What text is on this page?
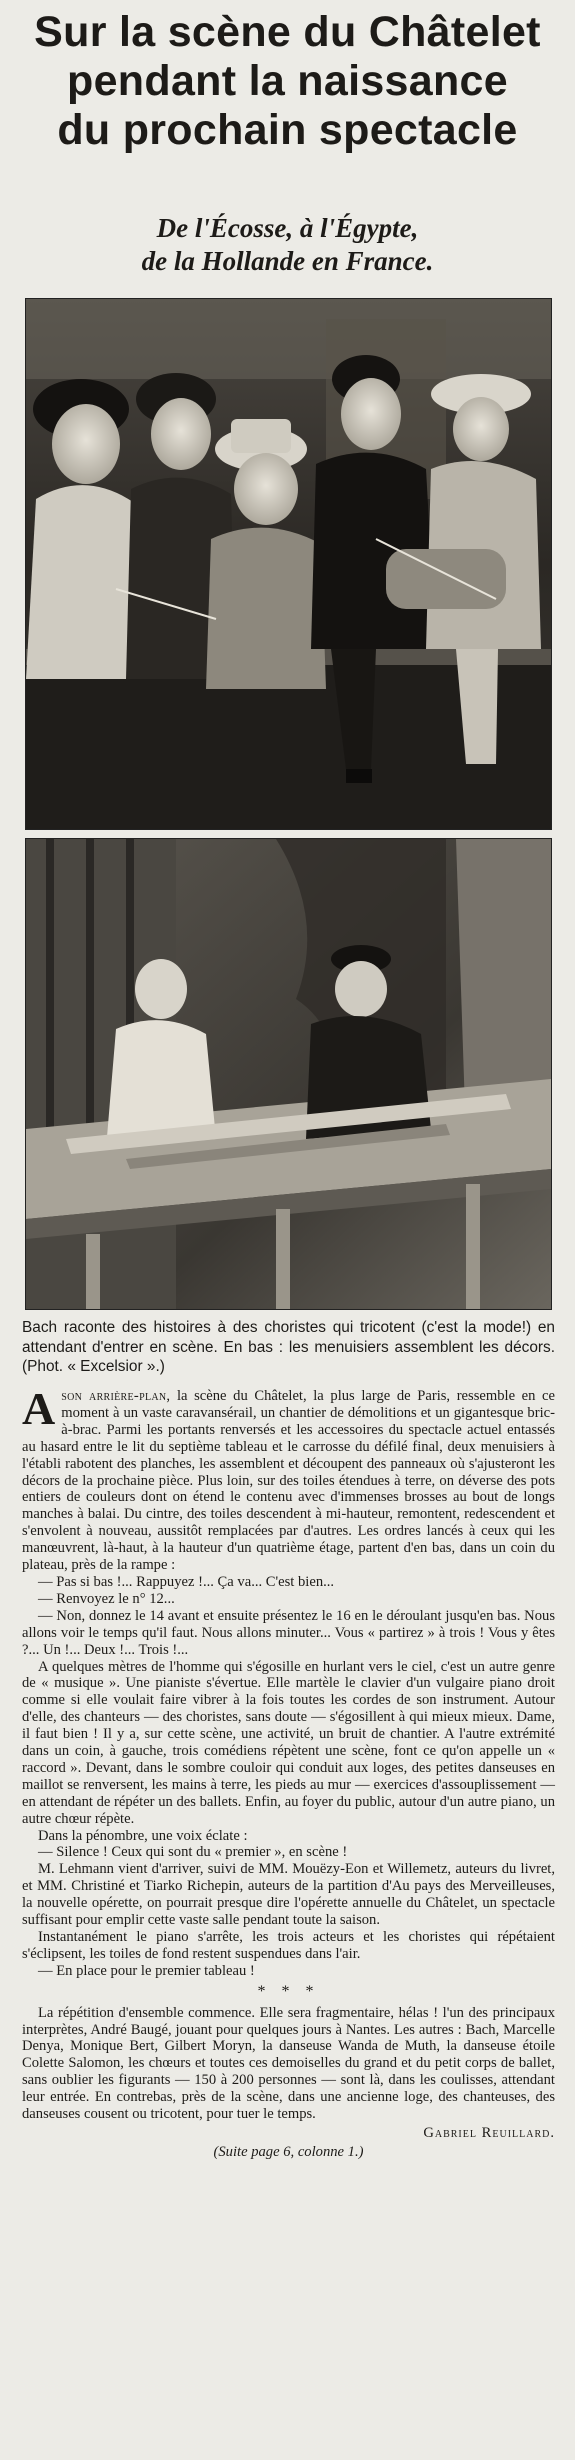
Sur la scène du Châtelet
pendant la naissance
du prochain spectacle
De l'Écosse, à l'Égypte,
de la Hollande en France.
Bach raconte des histoires à des choristes qui tricotent (c'est la mode!) en attendant d'entrer en scène. En bas : les menuisiers assemblent les décors. (Phot. « Excelsior ».)

Ason arrière-plan, la scène du Châtelet, la plus large de Paris, ressemble en ce moment à un vaste caravansérail, un chantier de démolitions et un gigantesque bric-à-brac. Parmi les portants renversés et les accessoires du spectacle actuel entassés au hasard entre le lit du septième tableau et le carrosse du défilé final, deux menuisiers à l'établi rabotent des planches, les assemblent et découpent des panneaux où s'ajusteront les décors de la prochaine pièce. Plus loin, sur des toiles étendues à terre, on déverse des pots entiers de couleurs dont on étend le contenu avec d'immenses brosses au bout de longs manches à balai. Du cintre, des toiles descendent à mi-hauteur, remontent, redescendent et s'envolent à nouveau, aussitôt remplacées par d'autres. Les ordres lancés à ceux qui les manœuvrent, là-haut, à la hauteur d'un quatrième étage, partent d'en bas, dans un coin du plateau, près de la rampe :

— Pas si bas !... Rappuyez !... Ça va... C'est bien...

— Renvoyez le n° 12...

— Non, donnez le 14 avant et ensuite présentez le 16 en le déroulant jusqu'en bas. Nous allons voir le temps qu'il faut. Nous allons minuter... Vous « partirez » à trois ! Vous y êtes ?... Un !... Deux !... Trois !...

A quelques mètres de l'homme qui s'égosille en hurlant vers le ciel, c'est un autre genre de « musique ». Une pianiste s'évertue. Elle martèle le clavier d'un vulgaire piano droit comme si elle voulait faire vibrer à la fois toutes les cordes de son instrument. Autour d'elle, des chanteurs — des choristes, sans doute — s'égosillent à qui mieux mieux. Dame, il faut bien ! Il y a, sur cette scène, une activité, un bruit de chantier. A l'autre extrémité dans un coin, à gauche, trois comédiens répètent une scène, font ce qu'on appelle un « raccord ». Devant, dans le sombre couloir qui conduit aux loges, des petites danseuses en maillot se renversent, les mains à terre, les pieds au mur — exercices d'assouplissement — en attendant de répéter un des ballets. Enfin, au foyer du public, autour d'un autre piano, un autre chœur répète.

Dans la pénombre, une voix éclate :

— Silence ! Ceux qui sont du « premier », en scène !

M. Lehmann vient d'arriver, suivi de MM. Mouëzy-Eon et Willemetz, auteurs du livret, et MM. Christiné et Tiarko Richepin, auteurs de la partition d'Au pays des Merveilleuses, la nouvelle opérette, on pourrait presque dire l'opérette annuelle du Châtelet, un spectacle suffisant pour emplir cette vaste salle pendant toute la saison.

Instantanément le piano s'arrête, les trois acteurs et les choristes qui répétaient s'éclipsent, les toiles de fond restent suspendues dans l'air.

— En place pour le premier tableau !

* * *

La répétition d'ensemble commence. Elle sera fragmentaire, hélas ! l'un des principaux interprètes, André Baugé, jouant pour quelques jours à Nantes. Les autres : Bach, Marcelle Denya, Monique Bert, Gilbert Moryn, la danseuse Wanda de Muth, la danseuse étoile Colette Salomon, les chœurs et toutes ces demoiselles du grand et du petit corps de ballet, sans oublier les figurants — 150 à 200 personnes — sont là, dans les coulisses, attendant leur entrée. En contrebas, près de la scène, dans une ancienne loge, des chanteuses, des danseuses cousent ou tricotent, pour tuer le temps.

Gabriel Reuillard.
(Suite page 6, colonne 1.)
